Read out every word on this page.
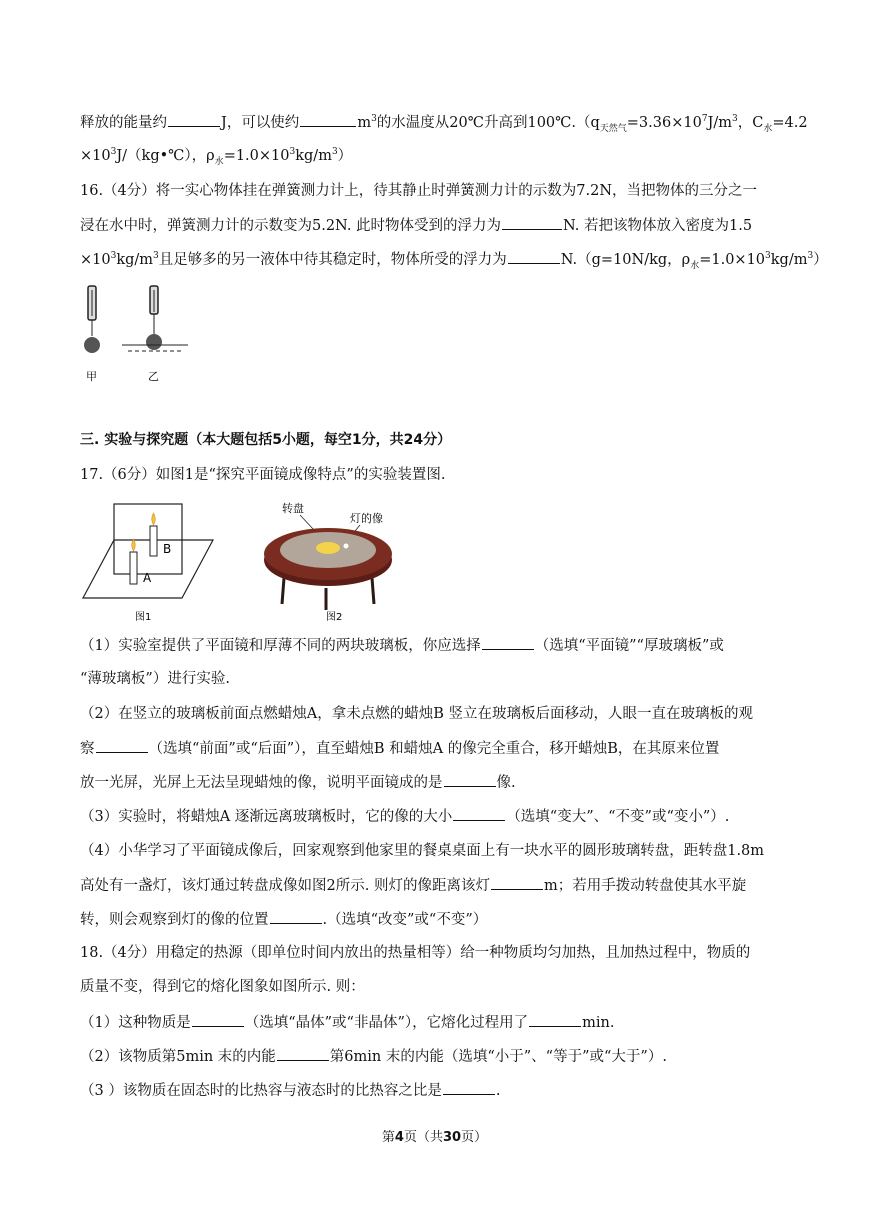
释放的能量约	J，可以使约	$m^3$的水温度从20℃升高到$100℃.(q_{天然气}=3.36\times 10^7J/m^3$，$C_水=4.2$
$\times 10^3J/(kg•℃)$，$\rho_水=1.0\times 10^3kg/m^3$）
16.（4分）将一实心物体挂在弹簧测力计上，待其静止时弹簧测力计的示数为7.2N，当把物体的三分之一
浸在水中时，弹簧测力计的示数变为5.2N. 此时物体受到的浮力为	N. 若把该物体放入密度为1.5
$\times 10^3kg/m^3$且足够多的另一液体中待其稳定时，物体所受的浮力为	N.（g=10N/kg，$\rho_水=1.0\times 10^3kg/m^3$）
甲	乙
三. 实验与探究题（本大题包括5小题，每空1分，共24分）
17.（6分）如图1是“探究平面镜成像特点”的实验装置图.
B
A
图1
转盘
灯的像
图2
（1）实验室提供了平面镜和厚薄不同的两块玻璃板，你应选择	（选填“平面镜”“厚玻璃板”或
“薄玻璃板”）进行实验.
（2）在竖立的玻璃板前面点燃蜡烛A，拿未点燃的蜡烛B 竖立在玻璃板后面移动，人眼一直在玻璃板的观
察	（选填“前面”或“后面”），直至蜡烛B 和蜡烛A 的像完全重合，移开蜡烛B，在其原来位置
放一光屏，光屏上无法呈现蜡烛的像，说明平面镜成的是	像.
（3）实验时，将蜡烛A 逐渐远离玻璃板时，它的像的大小	（选填“变大”、“不变”或“变小”）.
（4）小华学习了平面镜成像后，回家观察到他家里的餐桌桌面上有一块水平的圆形玻璃转盘，距转盘1.8m
高处有一盏灯，该灯通过转盘成像如图2所示. 则灯的像距离该灯	m；若用手拨动转盘使其水平旋
转，则会观察到灯的像的位置	.（选填“改变”或“不变”）
18.（4分）用稳定的热源（即单位时间内放出的热量相等）给一种物质均匀加热，且加热过程中，物质的
质量不变，得到它的熔化图象如图所示. 则：
（1）这种物质是	（选填“晶体”或“非晶体”），它熔化过程用了	min.
（2）该物质第5min 末的内能	第6min 末的内能（选填“小于”、“等于”或“大于”）.
（3 ）该物质在固态时的比热容与液态时的比热容之比是	.
第4页（共30页）
